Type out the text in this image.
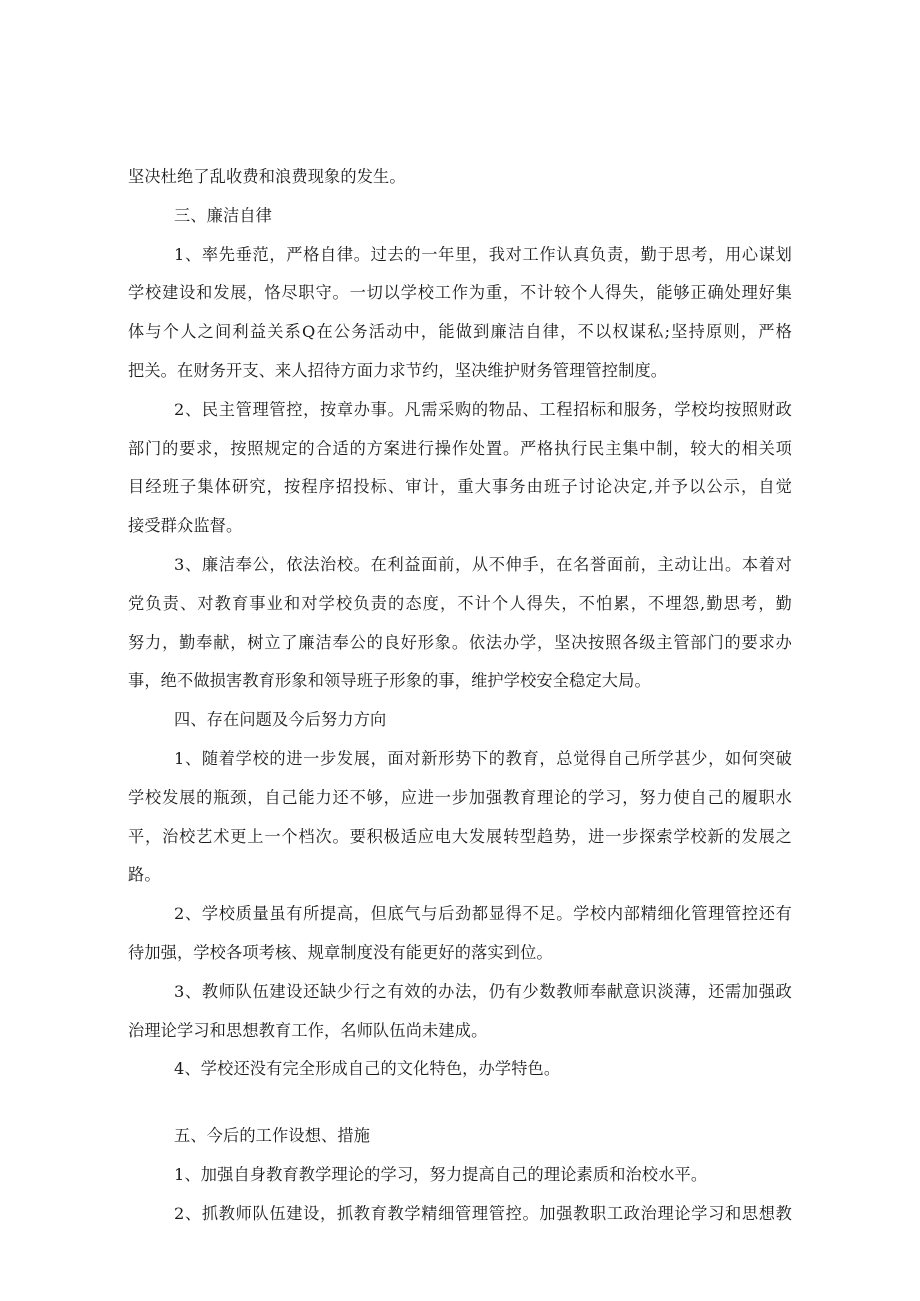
坚决杜绝了乱收费和浪费现象的发生。
三、廉洁自律
1、率先垂范，严格自律。过去的一年里，我对工作认真负责，勤于思考，用心谋划
学校建设和发展，恪尽职守。一切以学校工作为重，不计较个人得失，能够正确处理好集
体与个人之间利益关系Q在公务活动中，能做到廉洁自律，不以权谋私;坚持原则，严格
把关。在财务开支、来人招待方面力求节约，坚决维护财务管理管控制度。
2、民主管理管控，按章办事。凡需采购的物品、工程招标和服务，学校均按照财政
部门的要求，按照规定的合适的方案进行操作处置。严格执行民主集中制，较大的相关项
目经班子集体研究，按程序招投标、审计，重大事务由班子讨论决定,并予以公示，自觉
接受群众监督。
3、廉洁奉公，依法治校。在利益面前，从不伸手，在名誉面前，主动让出。本着对
党负责、对教育事业和对学校负责的态度，不计个人得失，不怕累，不埋怨,勤思考，勤
努力，勤奉献，树立了廉洁奉公的良好形象。依法办学，坚决按照各级主管部门的要求办
事，绝不做损害教育形象和领导班子形象的事，维护学校安全稳定大局。
四、存在问题及今后努力方向
1、随着学校的进一步发展，面对新形势下的教育，总觉得自己所学甚少，如何突破
学校发展的瓶颈，自己能力还不够，应进一步加强教育理论的学习，努力使自己的履职水
平，治校艺术更上一个档次。要积极适应电大发展转型趋势，进一步探索学校新的发展之
路。
2、学校质量虽有所提高，但底气与后劲都显得不足。学校内部精细化管理管控还有
待加强，学校各项考核、规章制度没有能更好的落实到位。
3、教师队伍建设还缺少行之有效的办法，仍有少数教师奉献意识淡薄，还需加强政
治理论学习和思想教育工作，名师队伍尚未建成。
4、学校还没有完全形成自己的文化特色，办学特色。
五、今后的工作设想、措施
1、加强自身教育教学理论的学习，努力提高自己的理论素质和治校水平。
2、抓教师队伍建设，抓教育教学精细管理管控。加强教职工政治理论学习和思想教
